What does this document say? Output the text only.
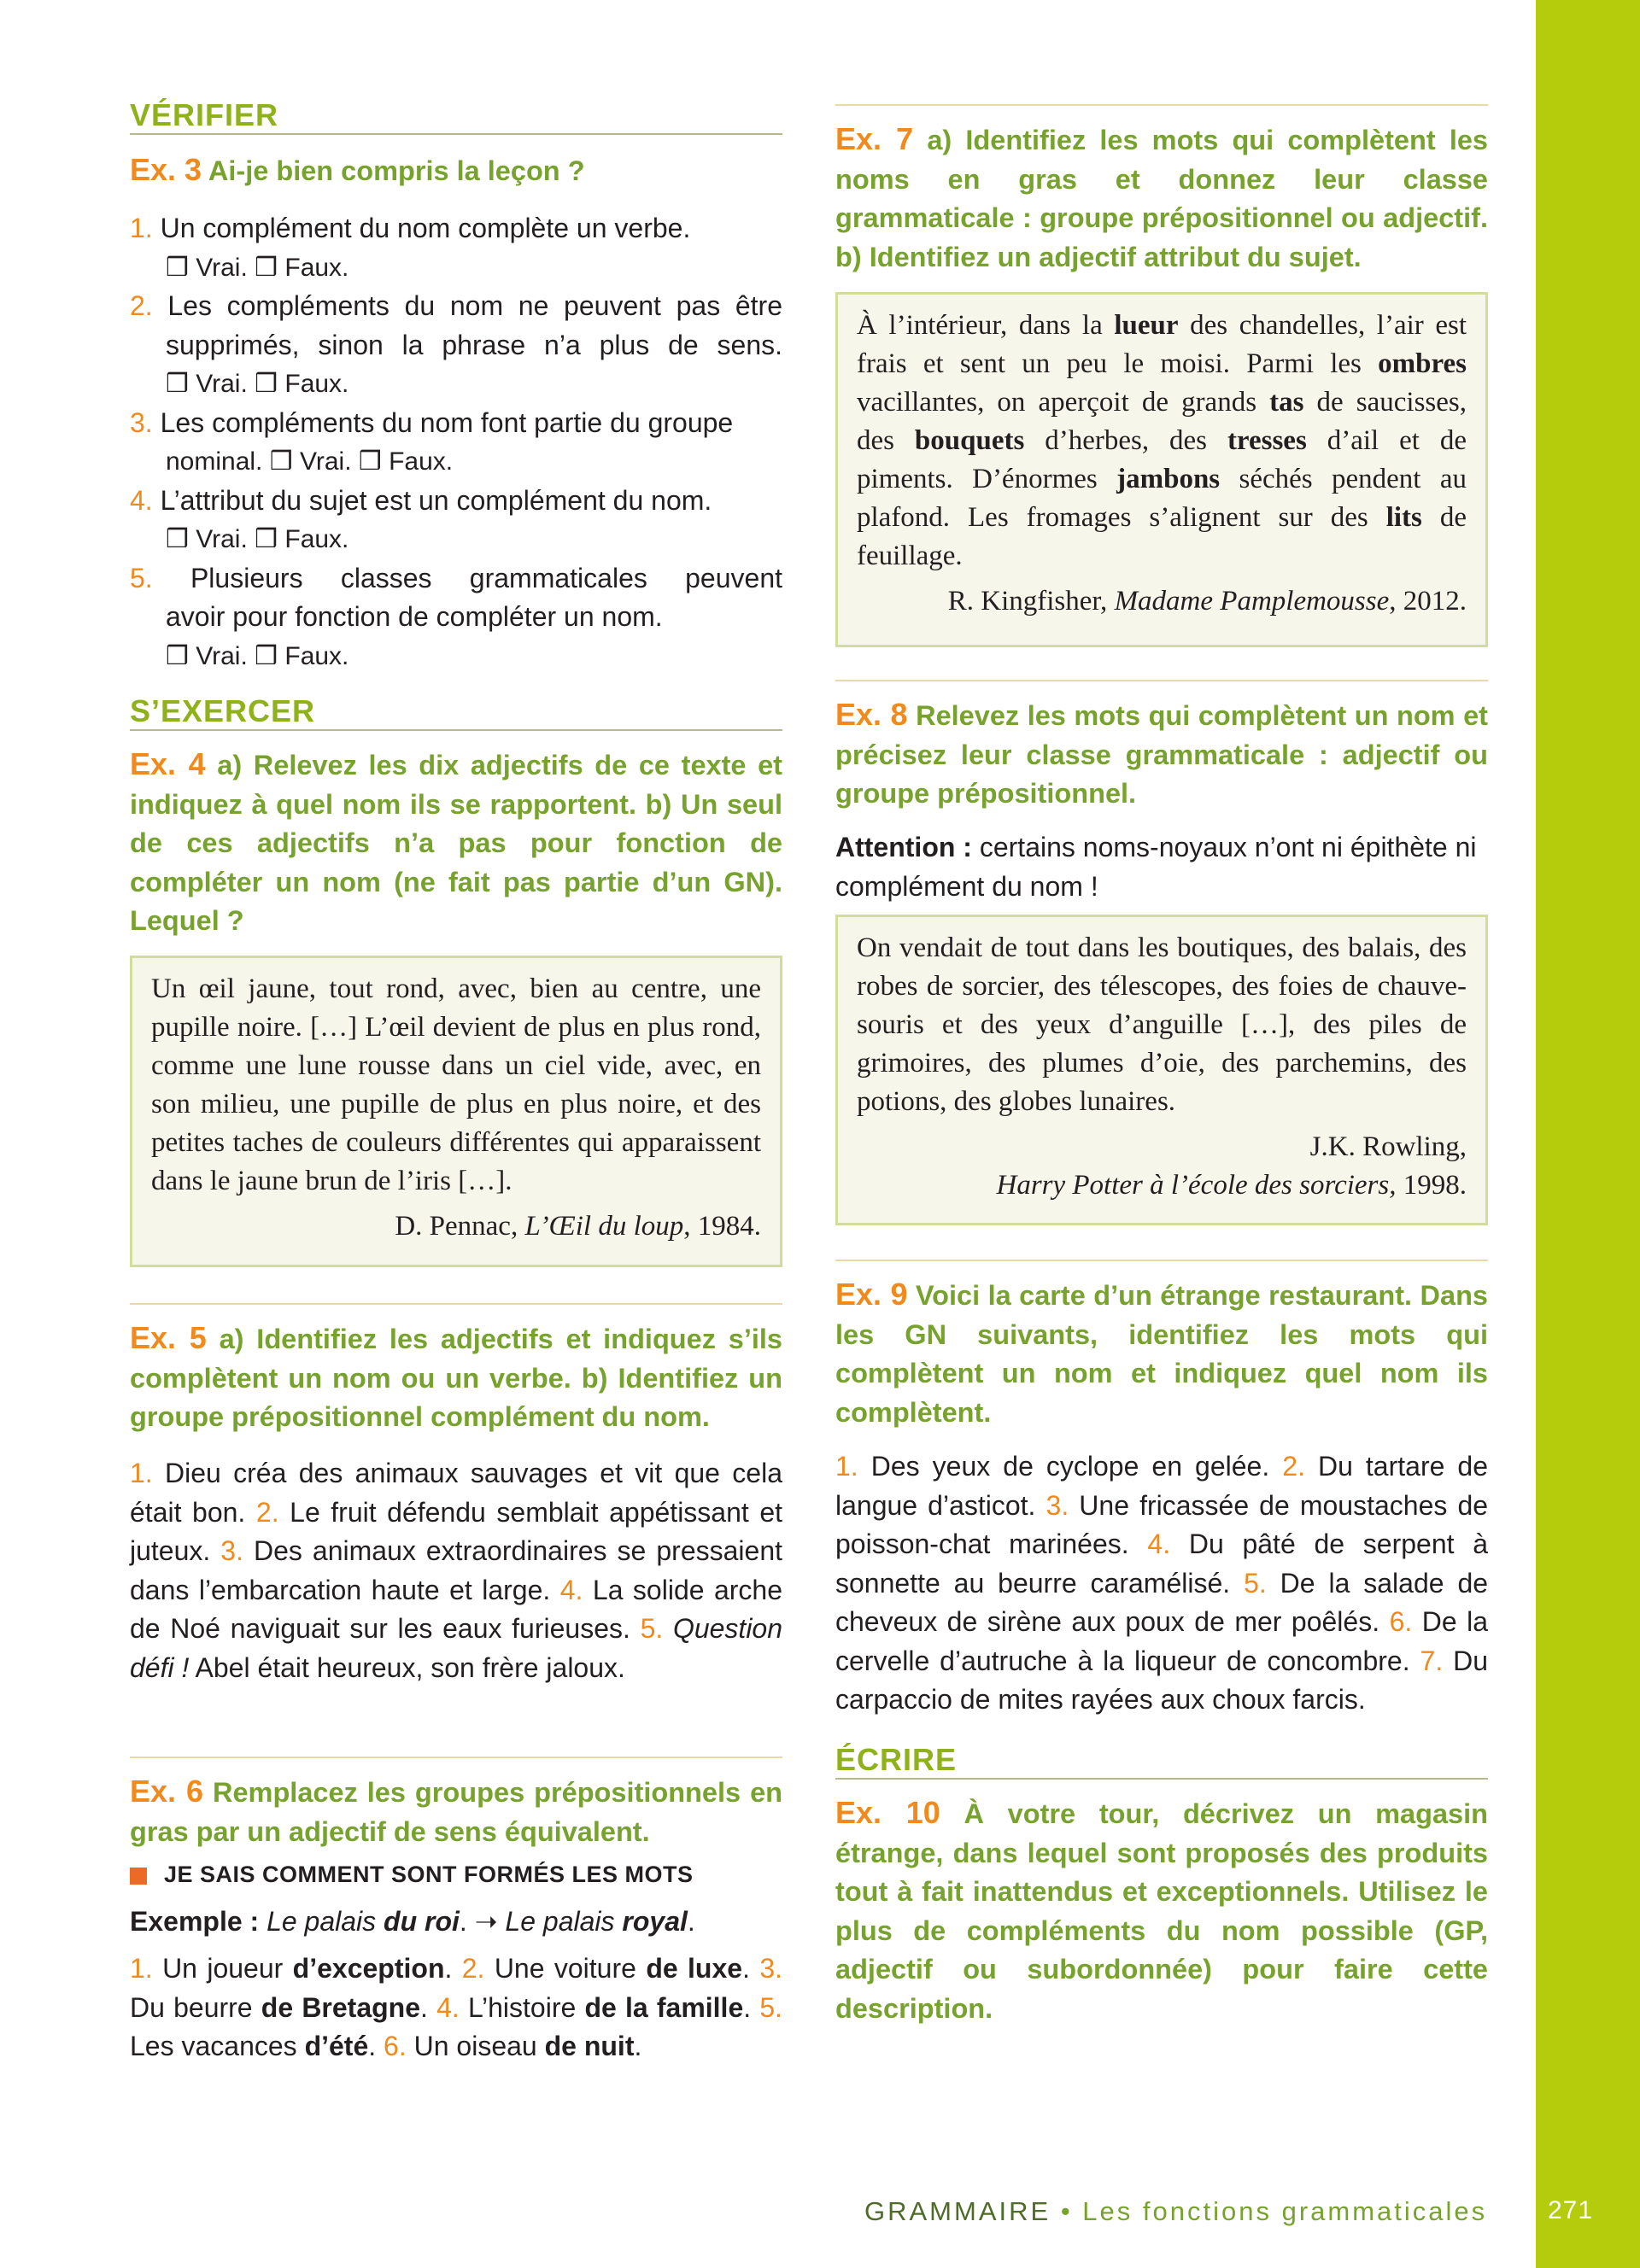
VÉRIFIER
Ex. 3 Ai-je bien compris la leçon ?
1. Un complément du nom complète un verbe.
❒ Vrai. ❒ Faux.
2. Les compléments du nom ne peuvent pas être
supprimés, sinon la phrase n’a plus de sens.
❒ Vrai. ❒ Faux.
3. Les compléments du nom font partie du groupe
nominal. ❒ Vrai. ❒ Faux.
4. L’attribut du sujet est un complément du nom.
❒ Vrai. ❒ Faux.
5. Plusieurs classes grammaticales peuvent
avoir pour fonction de compléter un nom.
❒ Vrai. ❒ Faux.
S’EXERCER
Ex. 4 a) Relevez les dix adjectifs de ce texte et indiquez à quel nom ils se rapportent. b) Un seul de ces adjectifs n’a pas pour fonction de compléter un nom (ne fait pas partie d’un GN). Lequel ?

Un œil jaune, tout rond, avec, bien au centre, une pupille noire. […] L’œil devient de plus en plus rond, comme une lune rousse dans un ciel vide, avec, en son milieu, une pupille de plus en plus noire, et des petites taches de couleurs différentes qui apparaissent dans le jaune brun de l’iris […].

D. Pennac, L’Œil du loup, 1984.

Ex. 5 a) Identifiez les adjectifs et indiquez s’ils complètent un nom ou un verbe. b) Identifiez un groupe prépositionnel complément du nom.
1. Dieu créa des animaux sauvages et vit que cela était bon. 2. Le fruit défendu semblait appétissant et juteux. 3. Des animaux extraordinaires se pressaient dans l’embarcation haute et large. 4. La solide arche de Noé naviguait sur les eaux furieuses. 5. Question défi ! Abel était heureux, son frère jaloux.
Ex. 6 Remplacez les groupes prépositionnels en gras par un adjectif de sens équivalent.
JE SAIS COMMENT SONT FORMÉS LES MOTS
Exemple : Le palais du roi. ➝ Le palais royal.
1. Un joueur d’exception. 2. Une voiture de luxe. 3. Du beurre de Bretagne. 4. L’histoire de la famille. 5. Les vacances d’été. 6. Un oiseau de nuit.
Ex. 7 a) Identifiez les mots qui complètent les noms en gras et donnez leur classe grammaticale : groupe prépositionnel ou adjectif. b) Identifiez un adjectif attribut du sujet.

À l’intérieur, dans la lueur des chandelles, l’air est frais et sent un peu le moisi. Parmi les ombres vacillantes, on aperçoit de grands tas de saucisses, des bouquets d’herbes, des tresses d’ail et de piments. D’énormes jambons séchés pendent au plafond. Les fromages s’alignent sur des lits de feuillage.

R. Kingfisher, Madame Pamplemousse, 2012.

Ex. 8 Relevez les mots qui complètent un nom et précisez leur classe grammaticale : adjectif ou groupe prépositionnel.
Attention : certains noms-noyaux n’ont ni épithète ni complément du nom !

On vendait de tout dans les boutiques, des balais, des robes de sorcier, des télescopes, des foies de chauve-souris et des yeux d’anguille […], des piles de grimoires, des plumes d’oie, des parchemins, des potions, des globes lunaires.

J.K. Rowling,

Harry Potter à l’école des sorciers, 1998.

Ex. 9 Voici la carte d’un étrange restaurant. Dans les GN suivants, identifiez les mots qui complètent un nom et indiquez quel nom ils complètent.
1. Des yeux de cyclope en gelée. 2. Du tartare de langue d’asticot. 3. Une fricassée de moustaches de poisson-chat marinées. 4. Du pâté de serpent à sonnette au beurre caramélisé. 5. De la salade de cheveux de sirène aux poux de mer poêlés. 6. De la cervelle d’autruche à la liqueur de concombre. 7. Du carpaccio de mites rayées aux choux farcis.
ÉCRIRE
Ex. 10 À votre tour, décrivez un magasin étrange, dans lequel sont proposés des produits tout à fait inattendus et exceptionnels. Utilisez le plus de compléments du nom possible (GP, adjectif ou subordonnée) pour faire cette description.
GRAMMAIRE • Les fonctions grammaticales 271
